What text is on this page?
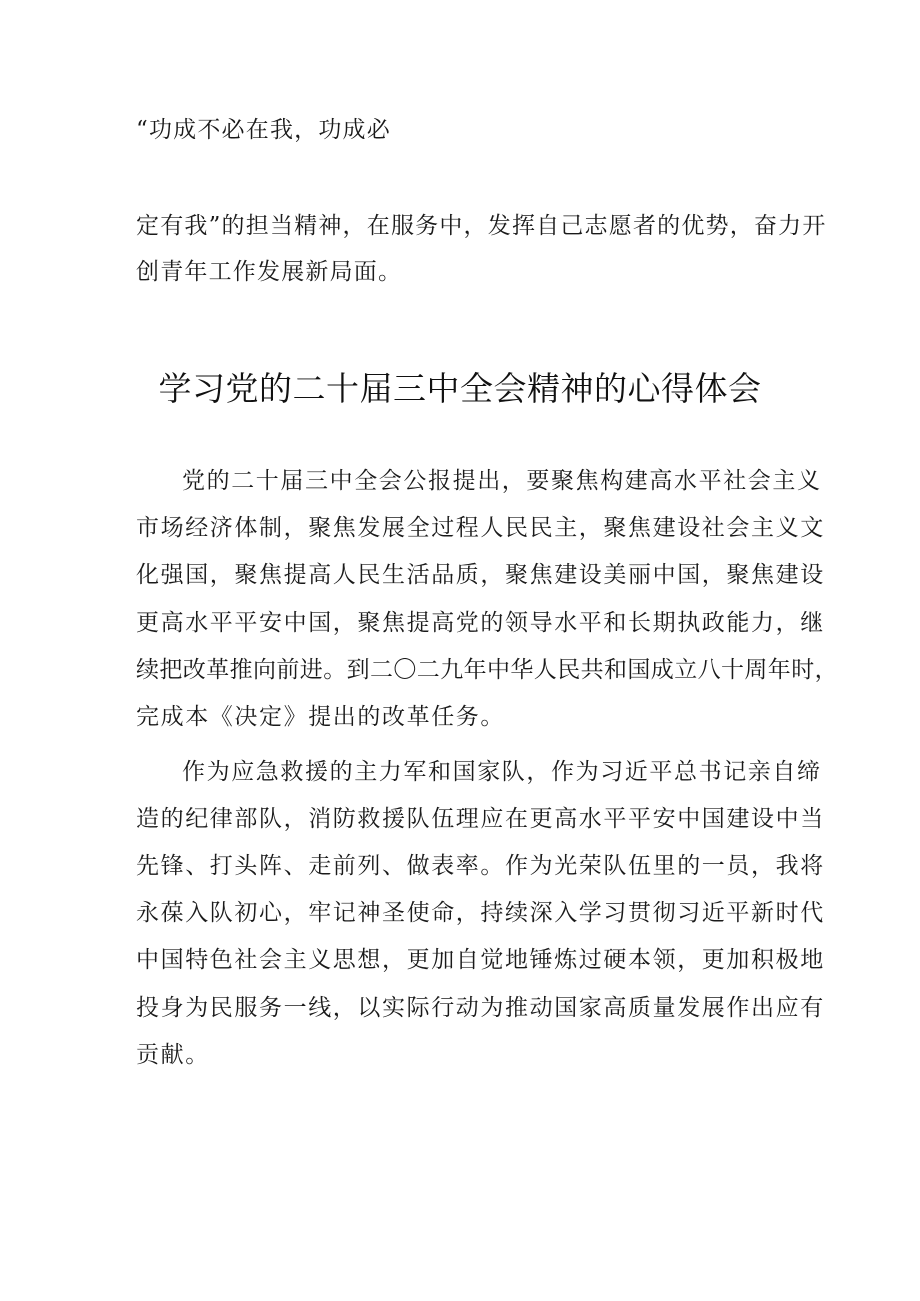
“功成不必在我，功成必
定有我”的担当精神，在服务中，发挥自己志愿者的优势，奋力开
创青年工作发展新局面。
学习党的二十届三中全会精神的心得体会
党的二十届三中全会公报提出，要聚焦构建高水平社会主义
市场经济体制，聚焦发展全过程人民民主，聚焦建设社会主义文
化强国，聚焦提高人民生活品质，聚焦建设美丽中国，聚焦建设
更高水平平安中国，聚焦提高党的领导水平和长期执政能力，继
续把改革推向前进。到二〇二九年中华人民共和国成立八十周年时，
完成本《决定》提出的改革任务。
作为应急救援的主力军和国家队，作为习近平总书记亲自缔
造的纪律部队，消防救援队伍理应在更高水平平安中国建设中当
先锋、打头阵、走前列、做表率。作为光荣队伍里的一员，我将
永葆入队初心，牢记神圣使命，持续深入学习贯彻习近平新时代
中国特色社会主义思想，更加自觉地锤炼过硬本领，更加积极地
投身为民服务一线，以实际行动为推动国家高质量发展作出应有
贡献。
